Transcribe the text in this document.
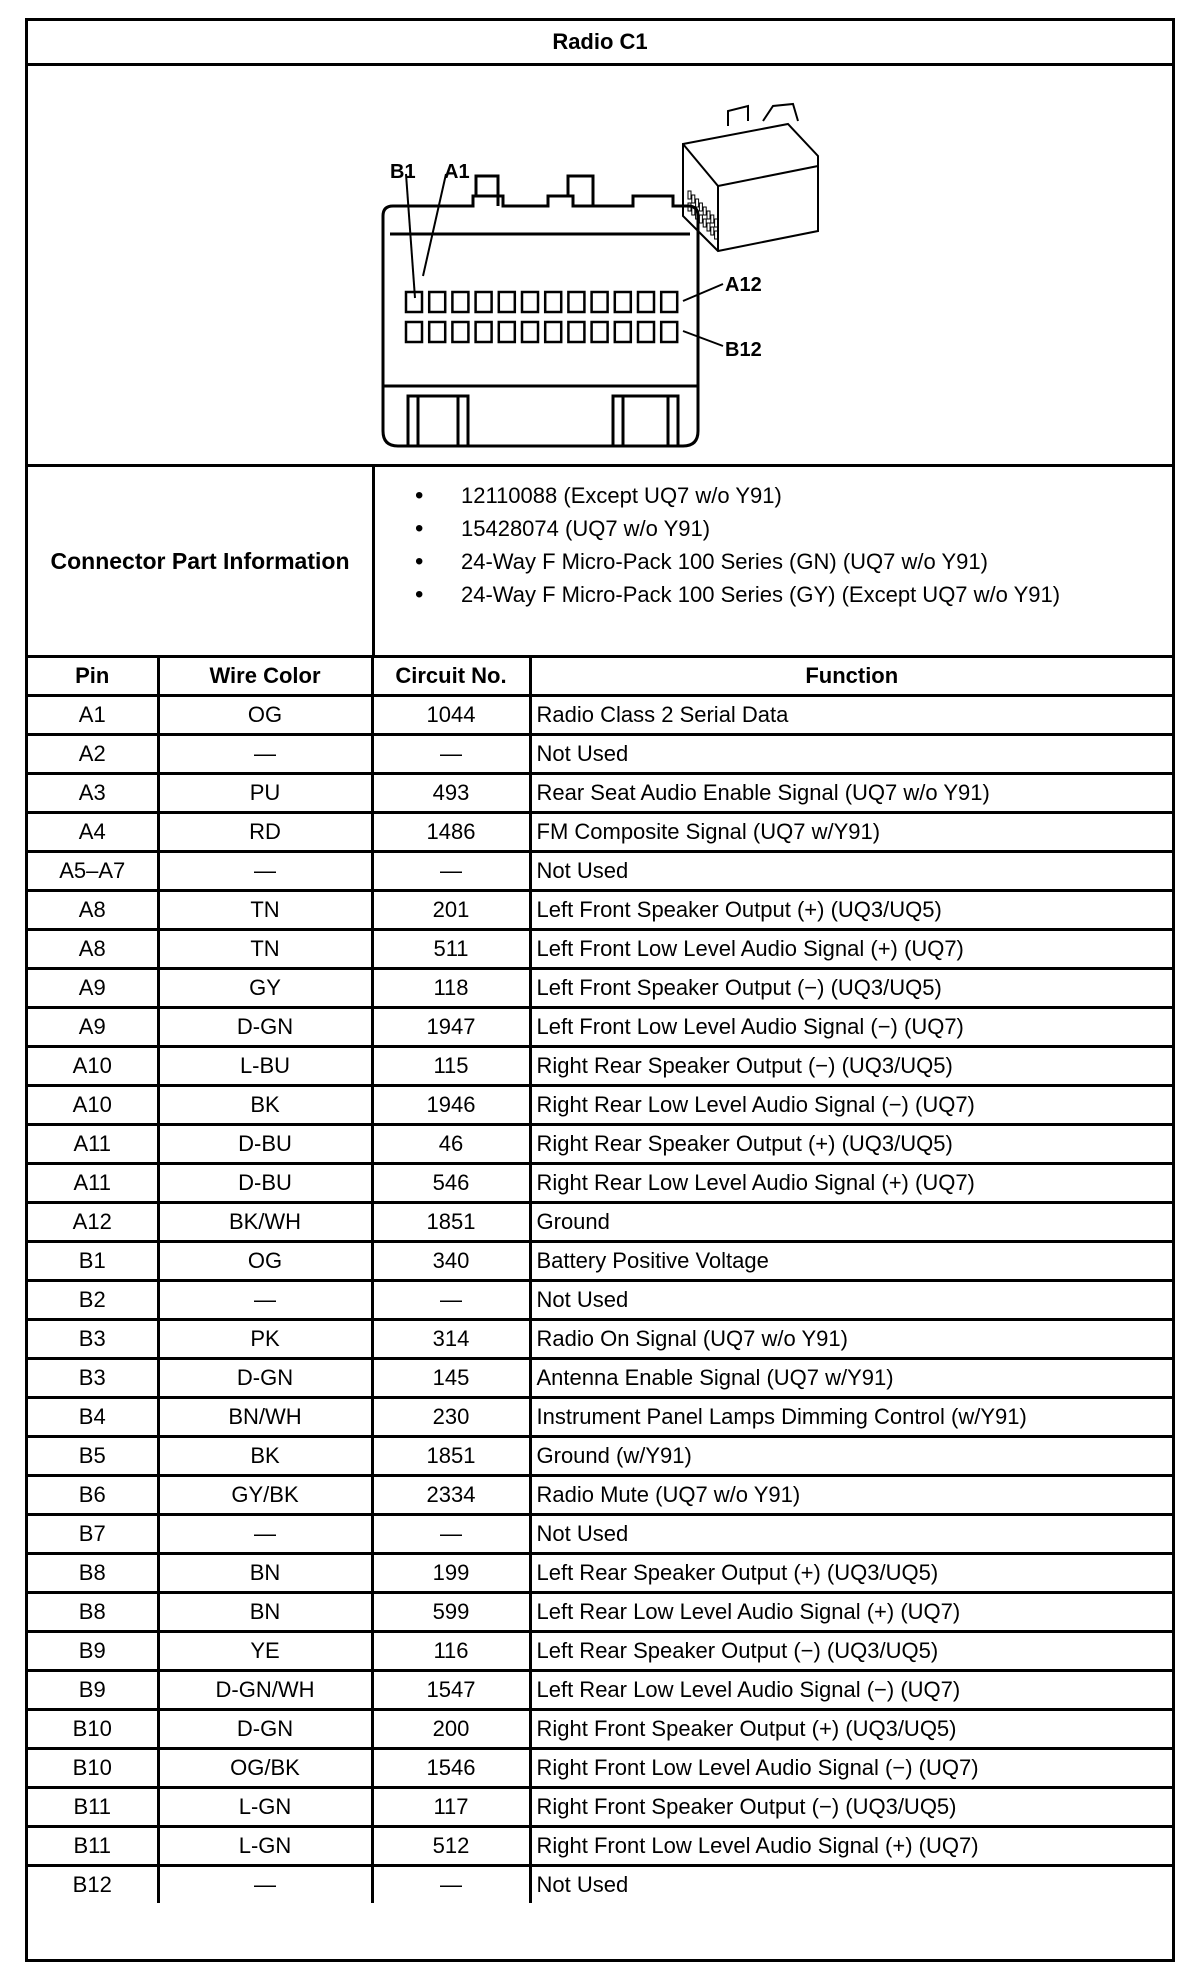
Radio C1
B1 A1
A12
B12
Connector Part Information
• 12110088 (Except UQ7 w/o Y91)
• 15428074 (UQ7 w/o Y91)
• 24-Way F Micro-Pack 100 Series (GN) (UQ7 w/o Y91)
• 24-Way F Micro-Pack 100 Series (GY) (Except UQ7 w/o Y91)
Pin	Wire Color	Circuit No.	Function
A1	OG	1044	Radio Class 2 Serial Data
A2	—	—	Not Used
A3	PU	493	Rear Seat Audio Enable Signal (UQ7 w/o Y91)
A4	RD	1486	FM Composite Signal (UQ7 w/Y91)
A5–A7	—	—	Not Used
A8	TN	201	Left Front Speaker Output (+) (UQ3/UQ5)
A8	TN	511	Left Front Low Level Audio Signal (+) (UQ7)
A9	GY	118	Left Front Speaker Output (−) (UQ3/UQ5)
A9	D-GN	1947	Left Front Low Level Audio Signal (−) (UQ7)
A10	L-BU	115	Right Rear Speaker Output (−) (UQ3/UQ5)
A10	BK	1946	Right Rear Low Level Audio Signal (−) (UQ7)
A11	D-BU	46	Right Rear Speaker Output (+) (UQ3/UQ5)
A11	D-BU	546	Right Rear Low Level Audio Signal (+) (UQ7)
A12	BK/WH	1851	Ground
B1	OG	340	Battery Positive Voltage
B2	—	—	Not Used
B3	PK	314	Radio On Signal (UQ7 w/o Y91)
B3	D-GN	145	Antenna Enable Signal (UQ7 w/Y91)
B4	BN/WH	230	Instrument Panel Lamps Dimming Control (w/Y91)
B5	BK	1851	Ground (w/Y91)
B6	GY/BK	2334	Radio Mute (UQ7 w/o Y91)
B7	—	—	Not Used
B8	BN	199	Left Rear Speaker Output (+) (UQ3/UQ5)
B8	BN	599	Left Rear Low Level Audio Signal (+) (UQ7)
B9	YE	116	Left Rear Speaker Output (−) (UQ3/UQ5)
B9	D-GN/WH	1547	Left Rear Low Level Audio Signal (−) (UQ7)
B10	D-GN	200	Right Front Speaker Output (+) (UQ3/UQ5)
B10	OG/BK	1546	Right Front Low Level Audio Signal (−) (UQ7)
B11	L-GN	117	Right Front Speaker Output (−) (UQ3/UQ5)
B11	L-GN	512	Right Front Low Level Audio Signal (+) (UQ7)
B12	—	—	Not Used
